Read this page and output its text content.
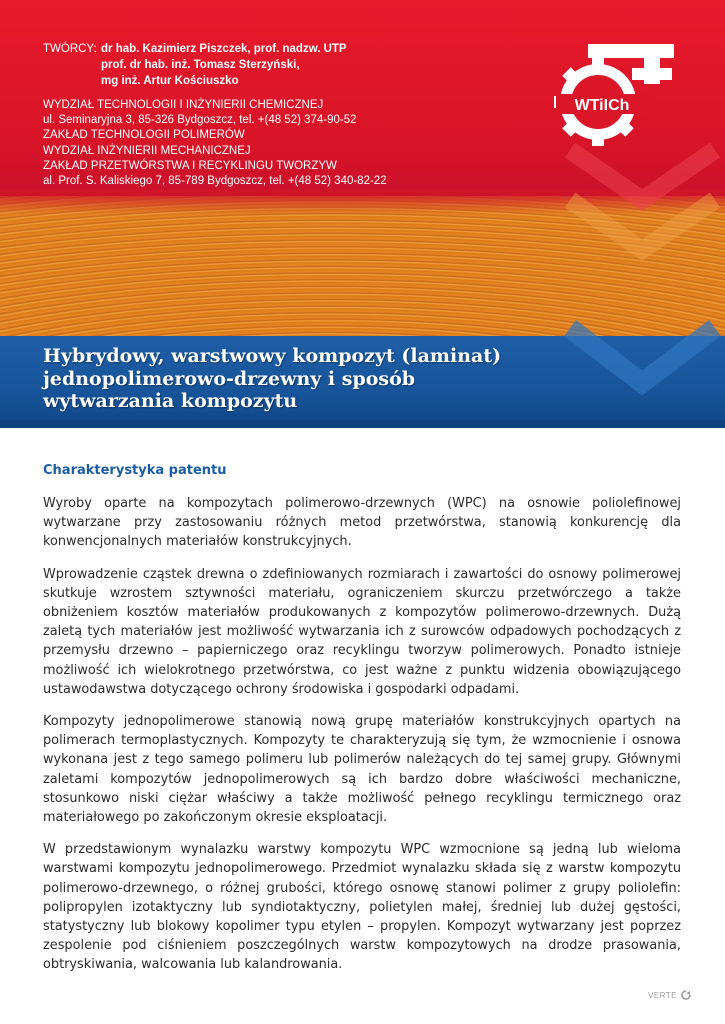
TWÓRCY: dr hab. Kazimierz Piszczek, prof. nadzw. UTP
prof. dr hab. inż. Tomasz Sterzyński,
mg inż. Artur Kościuszko
WYDZIAŁ TECHNOLOGII I INŻYNIERII CHEMICZNEJ
ul. Seminaryjna 3, 85-326 Bydgoszcz, tel. +(48 52) 374-90-52
ZAKŁAD TECHNOLOGII POLIMERÓW
WYDZIAŁ INŻYNIERII MECHANICZNEJ
ZAKŁAD PRZETWÓRSTWA I RECYKLINGU TWORZYW
al. Prof. S. Kaliskiego 7, 85-789 Bydgoszcz, tel. +(48 52) 340-82-22
WTiICh
Hybrydowy, warstwowy kompozyt (laminat)
jednopolimerowo-drzewny i sposób
wytwarzania kompozytu
Charakterystyka patentu

Wyroby oparte na kompozytach polimerowo-drzewnych (WPC) na osnowie poliolefinowej wytwarzane przy zastosowaniu różnych metod przetwórstwa, stanowią konkurencję dla konwencjonalnych materiałów konstrukcyjnych.

Wprowadzenie cząstek drewna o zdefiniowanych rozmiarach i zawartości do osnowy polimerowej skutkuje wzrostem sztywności materiału, ograniczeniem skurczu przetwórczego a także obniżeniem kosztów materiałów produkowanych z kompozytów polimerowo-drzewnych. Dużą zaletą tych materiałów jest możliwość wytwarzania ich z surowców odpadowych pochodzących z przemysłu drzewno – papierniczego oraz recyklingu tworzyw polimerowych. Ponadto istnieje możliwość ich wielokrotnego przetwórstwa, co jest ważne z punktu widzenia obowiązującego ustawodawstwa dotyczącego ochrony środowiska i gospodarki odpadami.

Kompozyty jednopolimerowe stanowią nową grupę materiałów konstrukcyjnych opartych na polimerach termoplastycznych. Kompozyty te charakteryzują się tym, że wzmocnienie i osnowa wykonana jest z tego samego polimeru lub polimerów należących do tej samej grupy. Głównymi zaletami kompozytów jednopolimerowych są ich bardzo dobre właściwości mechaniczne, stosunkowo niski ciężar właściwy a także możliwość pełnego recyklingu termicznego oraz materiałowego po zakończonym okresie eksploatacji.

W przedstawionym wynalazku warstwy kompozytu WPC wzmocnione są jedną lub wieloma warstwami kompozytu jednopolimerowego. Przedmiot wynalazku składa się z warstw kompozytu polimerowo-drzewnego, o różnej grubości, którego osnowę stanowi polimer z grupy poliolefin: polipropylen izotaktyczny lub syndiotaktyczny, polietylen małej, średniej lub dużej gęstości, statystyczny lub blokowy kopolimer typu etylen – propylen. Kompozyt wytwarzany jest poprzez zespolenie pod ciśnieniem poszczególnych warstw kompozytowych na drodze prasowania, obtryskiwania, walcowania lub kalandrowania.

VERTE
